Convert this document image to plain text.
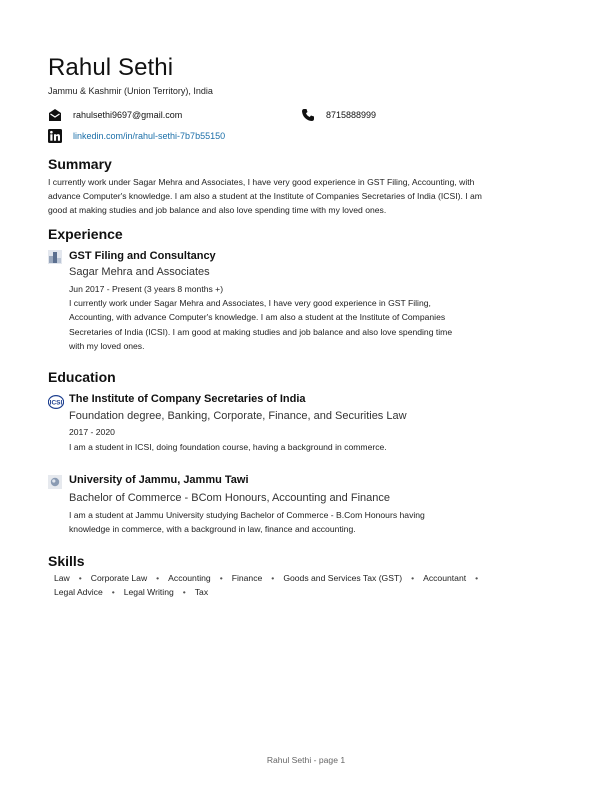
Rahul Sethi
Jammu & Kashmir (Union Territory), India
rahulsethi9697@gmail.com	8715888999
linkedin.com/in/rahul-sethi-7b7b55150
Summary
I currently work under Sagar Mehra and Associates, I have very good experience in GST Filing, Accounting, with
advance Computer's knowledge. I am also a student at the Institute of Companies Secretaries of India (ICSI). I am
good at making studies and job balance and also love spending time with my loved ones.
Experience
GST Filing and Consultancy
Sagar Mehra and Associates
Jun 2017 - Present (3 years 8 months +)
I currently work under Sagar Mehra and Associates, I have very good experience in GST Filing,
Accounting, with advance Computer's knowledge. I am also a student at the Institute of Companies
Secretaries of India (ICSI). I am good at making studies and job balance and also love spending time
with my loved ones.
Education
ICSI The Institute of Company Secretaries of India
Foundation degree, Banking, Corporate, Finance, and Securities Law
2017 - 2020
I am a student in ICSI, doing foundation course, having a background in commerce.
University of Jammu, Jammu Tawi
Bachelor of Commerce - BCom Honours, Accounting and Finance
I am a student at Jammu University studying Bachelor of Commerce - B.Com Honours having
knowledge in commerce, with a background in law, finance and accounting.
Skills
Law • Corporate Law • Accounting • Finance • Goods and Services Tax (GST) • Accountant •
Legal Advice • Legal Writing • Tax
Rahul Sethi - page 1
